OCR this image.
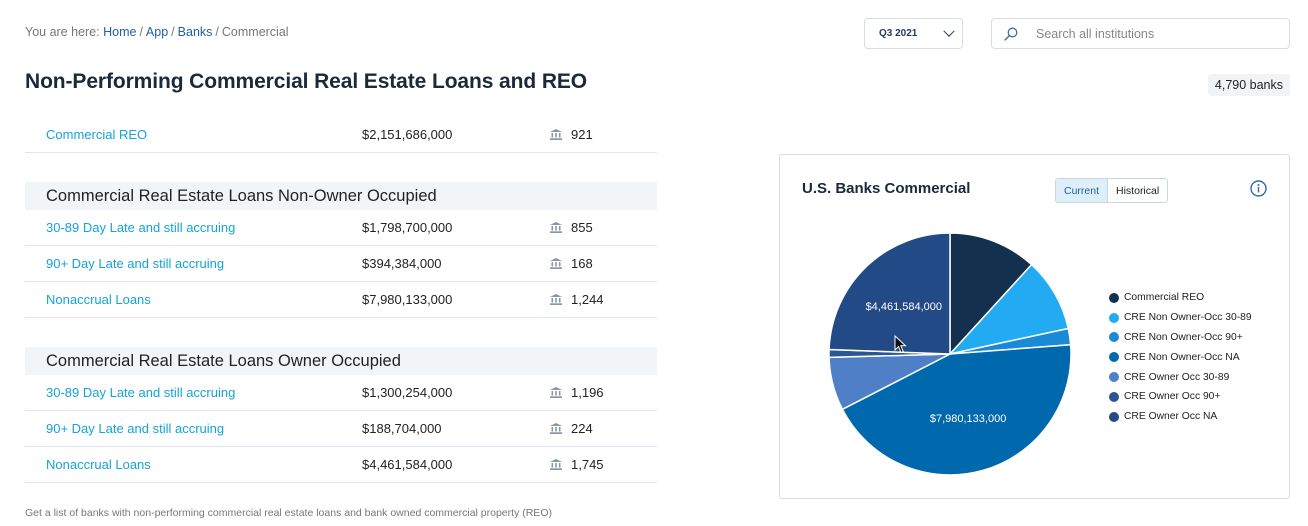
You are here: Home / App / Banks / Commercial	Q3 2021
Search all institutions
Non-Performing Commercial Real Estate Loans and REO	4,790 banks
Commercial REO	$2,151,686,000	921
Commercial Real Estate Loans Non-Owner Occupied
30-89 Day Late and still accruing	$1,798,700,000	855
90+ Day Late and still accruing	$394,384,000	168
Nonaccrual Loans	$7,980,133,000	1,244
Commercial Real Estate Loans Owner Occupied
30-89 Day Late and still accruing	$1,300,254,000	1,196
90+ Day Late and still accruing	$188,704,000	224
Nonaccrual Loans	$4,461,584,000	1,745
Get a list of banks with non-performing commercial real estate loans and bank owned commercial property (REO)
U.S. Banks Commercial	Current	Historical
$7,980,133,000
$4,461,584,000
Commercial REO
CRE Non Owner-Occ 30-89
CRE Non Owner-Occ 90+
CRE Non Owner-Occ NA
CRE Owner Occ 30-89
CRE Owner Occ 90+
CRE Owner Occ NA
